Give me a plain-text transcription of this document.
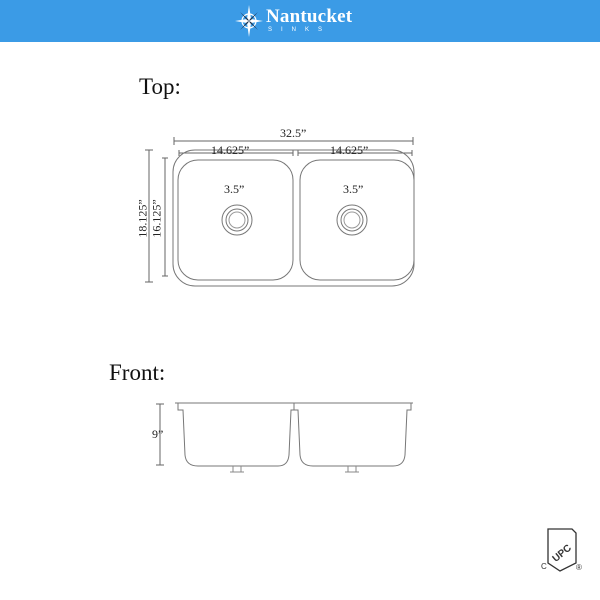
Nantucket
SINKS
Top:
Front:
32.5”
14.625”	14.625”
3.5”	3.5”
18.125” 16.125”
9”
UPC
C	®
